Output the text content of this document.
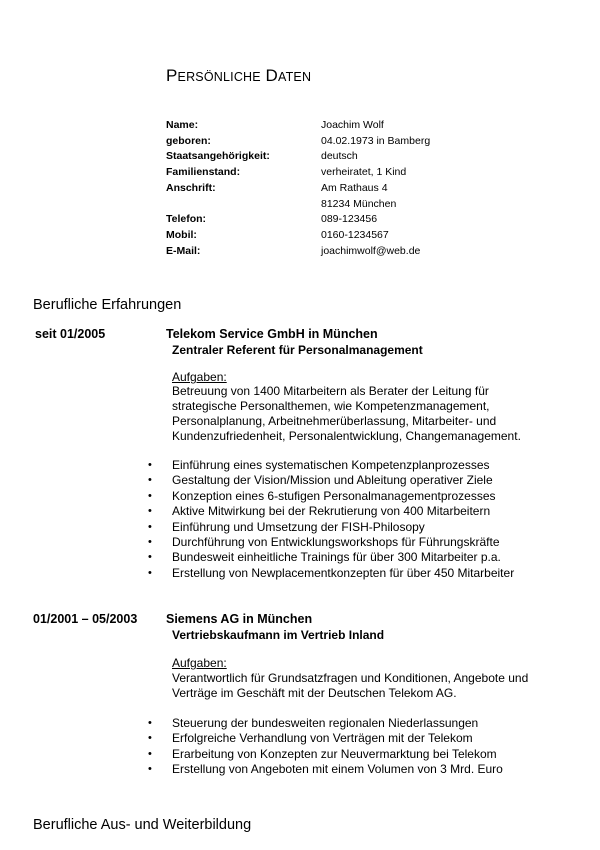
PERSÖNLICHE DATEN
Name:	Joachim Wolf
geboren:	04.02.1973 in Bamberg
Staatsangehörigkeit:	deutsch
Familienstand:	verheiratet, 1 Kind
Anschrift:	Am Rathaus 4
81234 München
Telefon:	089-123456
Mobil:	0160-1234567
E-Mail:	joachimwolf@web.de
Berufliche Erfahrungen
seit 01/2005	Telekom Service GmbH in München
Zentraler Referent für Personalmanagement
Aufgaben:
Betreuung von 1400 Mitarbeitern als Berater der Leitung für
strategische Personalthemen, wie Kompetenzmanagement,
Personalplanung, Arbeitnehmerüberlassung, Mitarbeiter- und
Kundenzufriedenheit, Personalentwicklung, Changemanagement.
• Einführung eines systematischen Kompetenzplanprozesses
• Gestaltung der Vision/Mission und Ableitung operativer Ziele
• Konzeption eines 6-stufigen Personalmanagementprozesses
• Aktive Mitwirkung bei der Rekrutierung von 400 Mitarbeitern
• Einführung und Umsetzung der FISH-Philosopy
• Durchführung von Entwicklungsworkshops für Führungskräfte
• Bundesweit einheitliche Trainings für über 300 Mitarbeiter p.a.
• Erstellung von Newplacementkonzepten für über 450 Mitarbeiter
01/2001 – 05/2003 Siemens AG in München
Vertriebskaufmann im Vertrieb Inland
Aufgaben:
Verantwortlich für Grundsatzfragen und Konditionen, Angebote und
Verträge im Geschäft mit der Deutschen Telekom AG.
• Steuerung der bundesweiten regionalen Niederlassungen
• Erfolgreiche Verhandlung von Verträgen mit der Telekom
• Erarbeitung von Konzepten zur Neuvermarktung bei Telekom
• Erstellung von Angeboten mit einem Volumen von 3 Mrd. Euro
Berufliche Aus- und Weiterbildung
